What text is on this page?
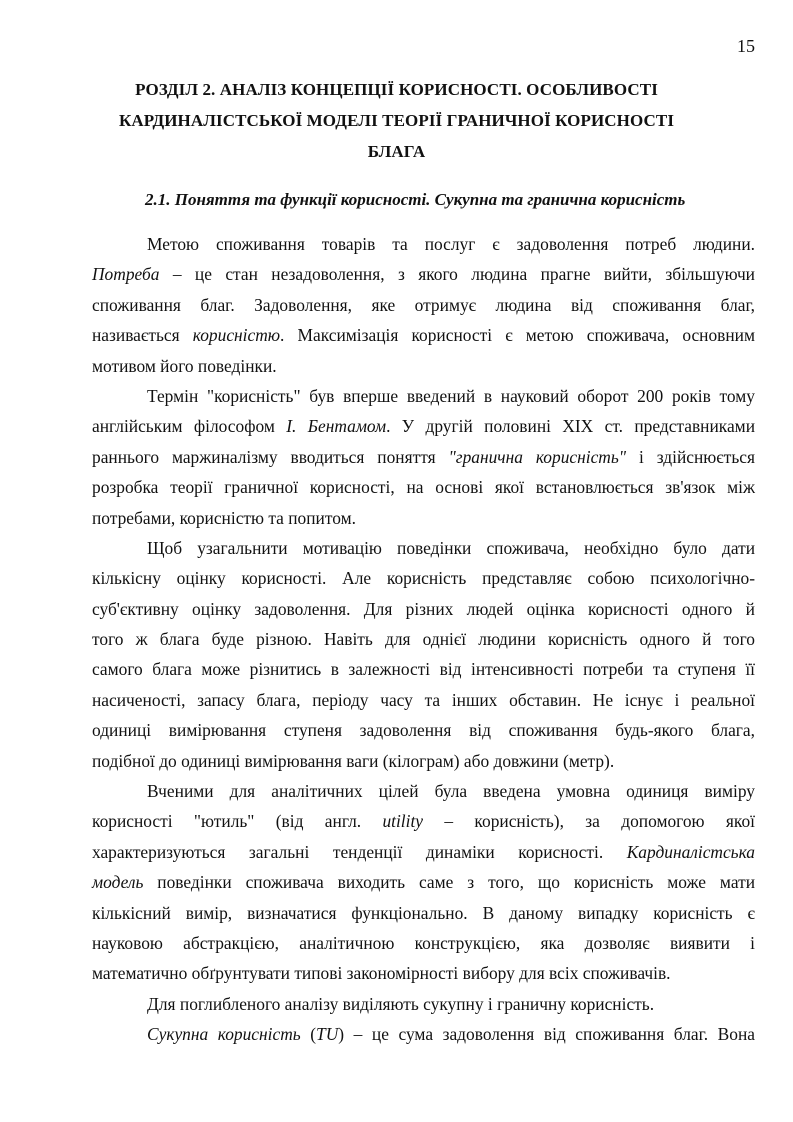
15
РОЗДІЛ 2. АНАЛІЗ КОНЦЕПЦІЇ КОРИСНОСТІ. ОСОБЛИВОСТІ
КАРДИНАЛІСТСЬКОЇ МОДЕЛІ ТЕОРІЇ ГРАНИЧНОЇ КОРИСНОСТІ
БЛАГА
2.1. Поняття та функції корисності. Сукупна та гранична корисність
Метою споживання товарів та послуг є задоволення потреб людини.
Потреба – це стан незадоволення, з якого людина прагне вийти, збільшуючи
споживання благ. Задоволення, яке отримує людина від споживання благ,
називається корисністю. Максимізація корисності є метою споживача, основним
мотивом його поведінки.
Термін "корисність" був вперше введений в науковий оборот 200 років тому
англійським філософом І. Бентамом. У другій половині XIX ст. представниками
раннього маржиналізму вводиться поняття "гранична корисність" і здійснюється
розробка теорії граничної корисності, на основі якої встановлюється зв'язок між
потребами, корисністю та попитом.
Щоб узагальнити мотивацію поведінки споживача, необхідно було дати
кількісну оцінку корисності. Але корисність представляє собою психологічно-
суб'єктивну оцінку задоволення. Для різних людей оцінка корисності одного й
того ж блага буде різною. Навіть для однієї людини корисність одного й того
самого блага може різнитись в залежності від інтенсивності потреби та ступеня її
насиченості, запасу блага, періоду часу та інших обставин. Не існує і реальної
одиниці вимірювання ступеня задоволення від споживання будь-якого блага,
подібної до одиниці вимірювання ваги (кілограм) або довжини (метр).
Вченими для аналітичних цілей була введена умовна одиниця виміру
корисності "ютиль" (від англ. utility – корисність), за допомогою якої
характеризуються загальні тенденції динаміки корисності. Кардиналістська
модель поведінки споживача виходить саме з того, що корисність може мати
кількісний вимір, визначатися функціонально. В даному випадку корисність є
науковою абстракцією, аналітичною конструкцією, яка дозволяє виявити і
математично обґрунтувати типові закономірності вибору для всіх споживачів.
Для поглибленого аналізу виділяють сукупну і граничну корисність.
Сукупна корисність (TU) – це сума задоволення від споживання благ. Вона
